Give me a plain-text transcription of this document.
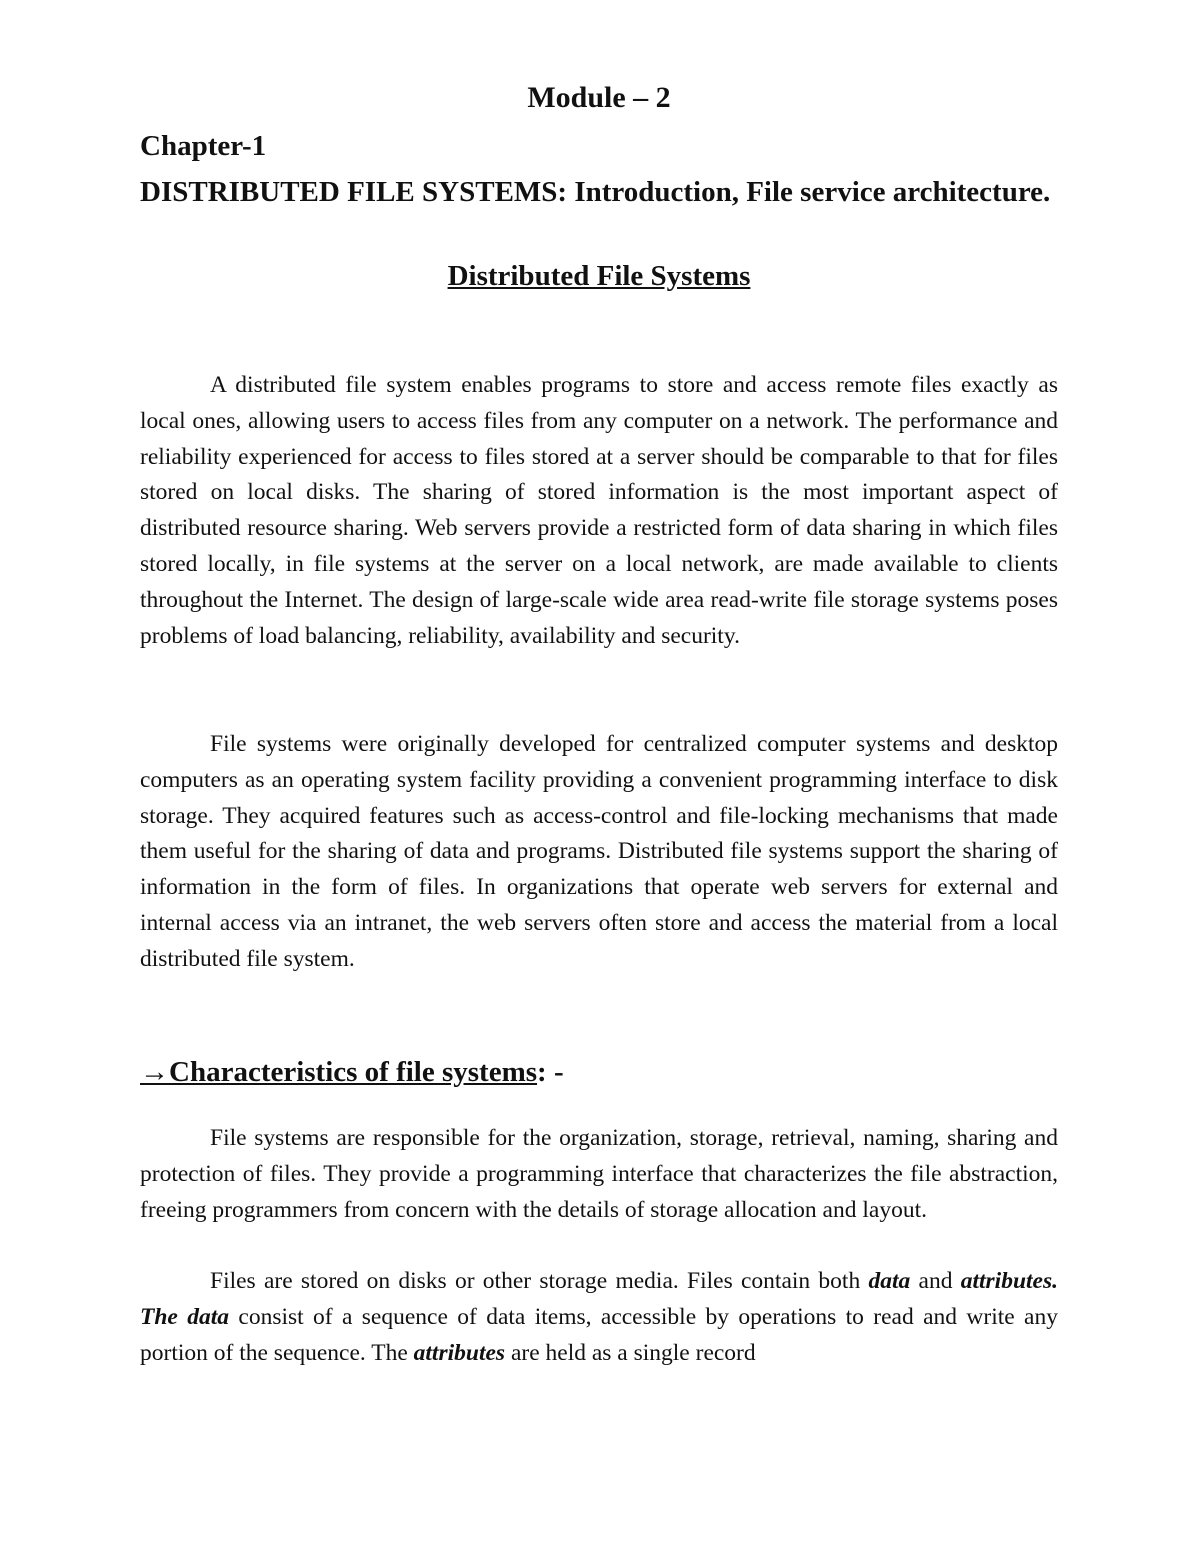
Module – 2
Chapter-1
DISTRIBUTED FILE SYSTEMS: Introduction, File service architecture.
Distributed File Systems

A distributed file system enables programs to store and access remote files exactly as local ones, allowing users to access files from any computer on a network. The performance and reliability experienced for access to files stored at a server should be comparable to that for files stored on local disks. The sharing of stored information is the most important aspect of distributed resource sharing. Web servers provide a restricted form of data sharing in which files stored locally, in file systems at the server on a local network, are made available to clients throughout the Internet. The design of large-scale wide area read-write file storage systems poses problems of load balancing, reliability, availability and security.

File systems were originally developed for centralized computer systems and desktop computers as an operating system facility providing a convenient programming interface to disk storage. They acquired features such as access-control and file-locking mechanisms that made them useful for the sharing of data and programs. Distributed file systems support the sharing of information in the form of files. In organizations that operate web servers for external and internal access via an intranet, the web servers often store and access the material from a local distributed file system.

→Characteristics of file systems: -

File systems are responsible for the organization, storage, retrieval, naming, sharing and protection of files. They provide a programming interface that characterizes the file abstraction, freeing programmers from concern with the details of storage allocation and layout.

Files are stored on disks or other storage media. Files contain both data and attributes. The data consist of a sequence of data items, accessible by operations to read and write any portion of the sequence. The attributes are held as a single record
